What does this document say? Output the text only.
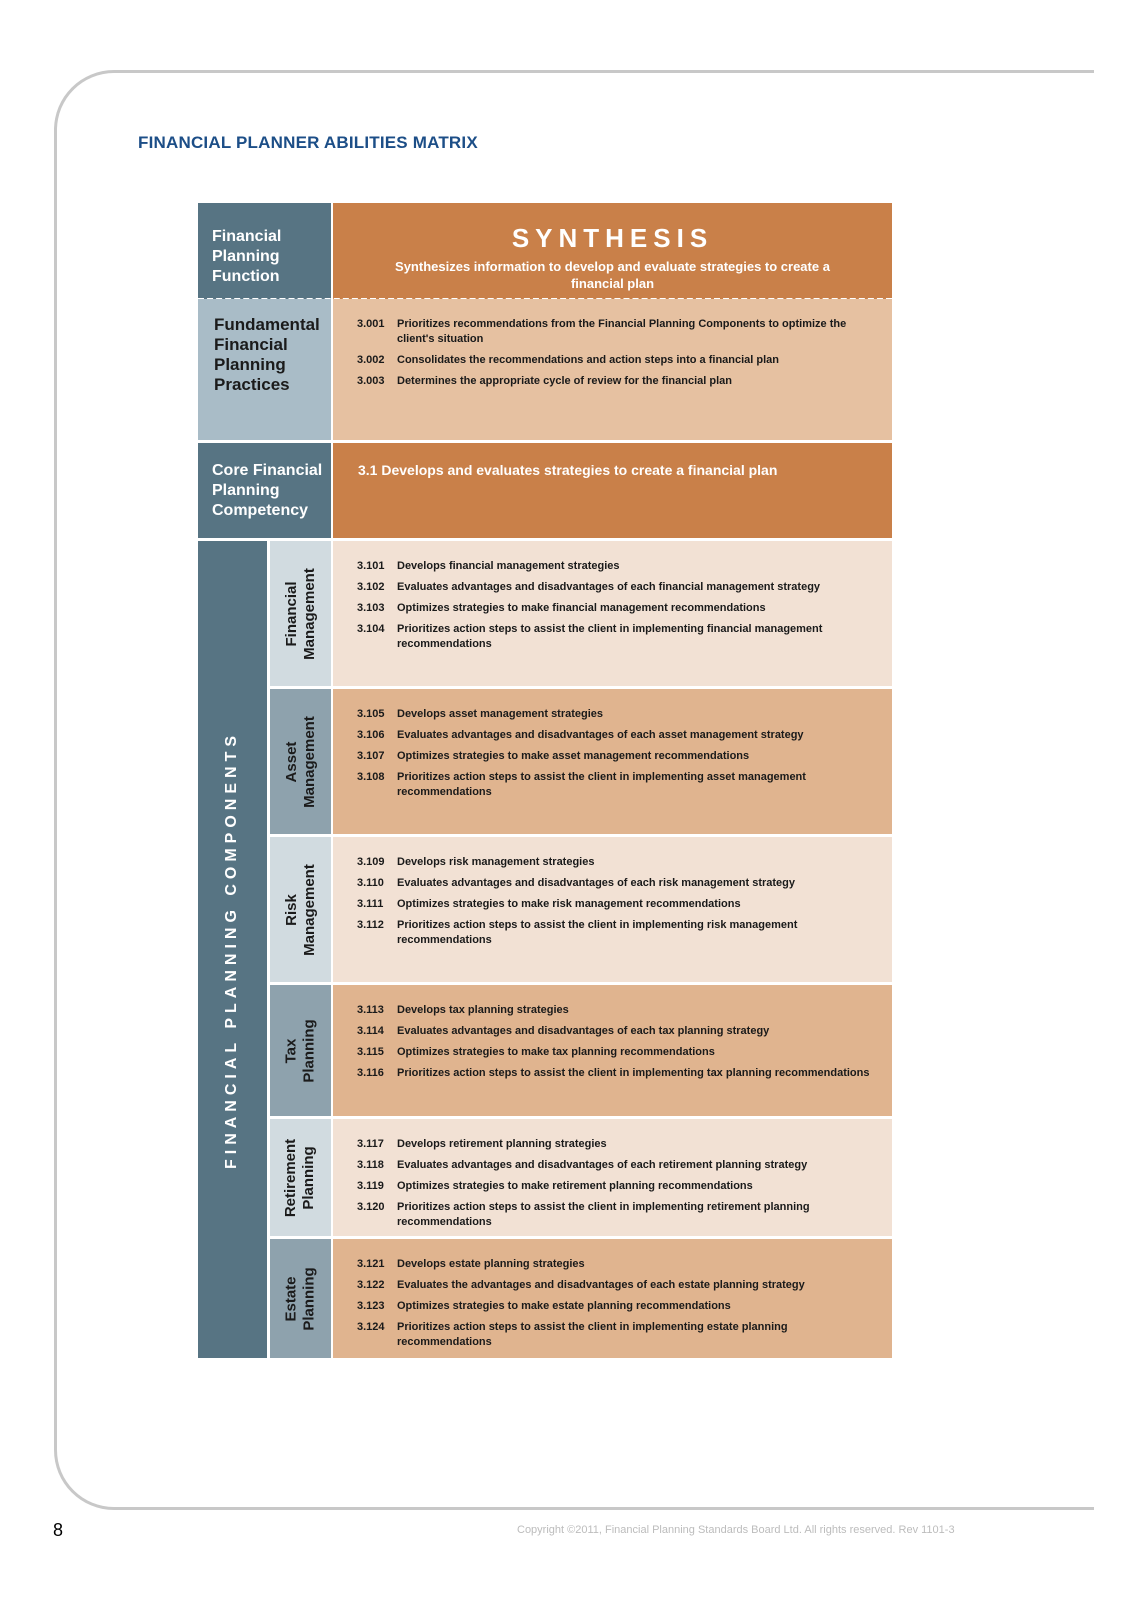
FINANCIAL PLANNER ABILITIES MATRIX
Financial Planning Function
SYNTHESIS
Synthesizes information to develop and evaluate strategies to create a financial plan
Fundamental Financial Planning Practices
3.001	Prioritizes recommendations from the Financial Planning Components to optimize the client's situation
3.002	Consolidates the recommendations and action steps into a financial plan
3.003	Determines the appropriate cycle of review for the financial plan
Core Financial Planning Competency
3.1 Develops and evaluates strategies to create a financial plan
FINANCIAL PLANNING COMPONENTS
Financial Management
3.101	Develops financial management strategies
3.102	Evaluates advantages and disadvantages of each financial management strategy
3.103	Optimizes strategies to make financial management recommendations
3.104	Prioritizes action steps to assist the client in implementing financial management recommendations
Asset Management
3.105	Develops asset management strategies
3.106	Evaluates advantages and disadvantages of each asset management strategy
3.107	Optimizes strategies to make asset management recommendations
3.108	Prioritizes action steps to assist the client in implementing asset management recommendations
Risk Management
3.109	Develops risk management strategies
3.110	Evaluates advantages and disadvantages of each risk management strategy
3.111	Optimizes strategies to make risk management recommendations
3.112	Prioritizes action steps to assist the client in implementing risk management recommendations
Tax Planning
3.113	Develops tax planning strategies
3.114	Evaluates advantages and disadvantages of each tax planning strategy
3.115	Optimizes strategies to make tax planning recommendations
3.116	Prioritizes action steps to assist the client in implementing tax planning recommendations
Retirement Planning
3.117	Develops retirement planning strategies
3.118	Evaluates advantages and disadvantages of each retirement planning strategy
3.119	Optimizes strategies to make retirement planning recommendations
3.120	Prioritizes action steps to assist the client in implementing retirement planning recommendations
Estate Planning
3.121	Develops estate planning strategies
3.122	Evaluates the advantages and disadvantages of each estate planning strategy
3.123	Optimizes strategies to make estate planning recommendations
3.124	Prioritizes action steps to assist the client in implementing estate planning recommendations
8	Copyright ©2011, Financial Planning Standards Board Ltd. All rights reserved. Rev 1101-3
